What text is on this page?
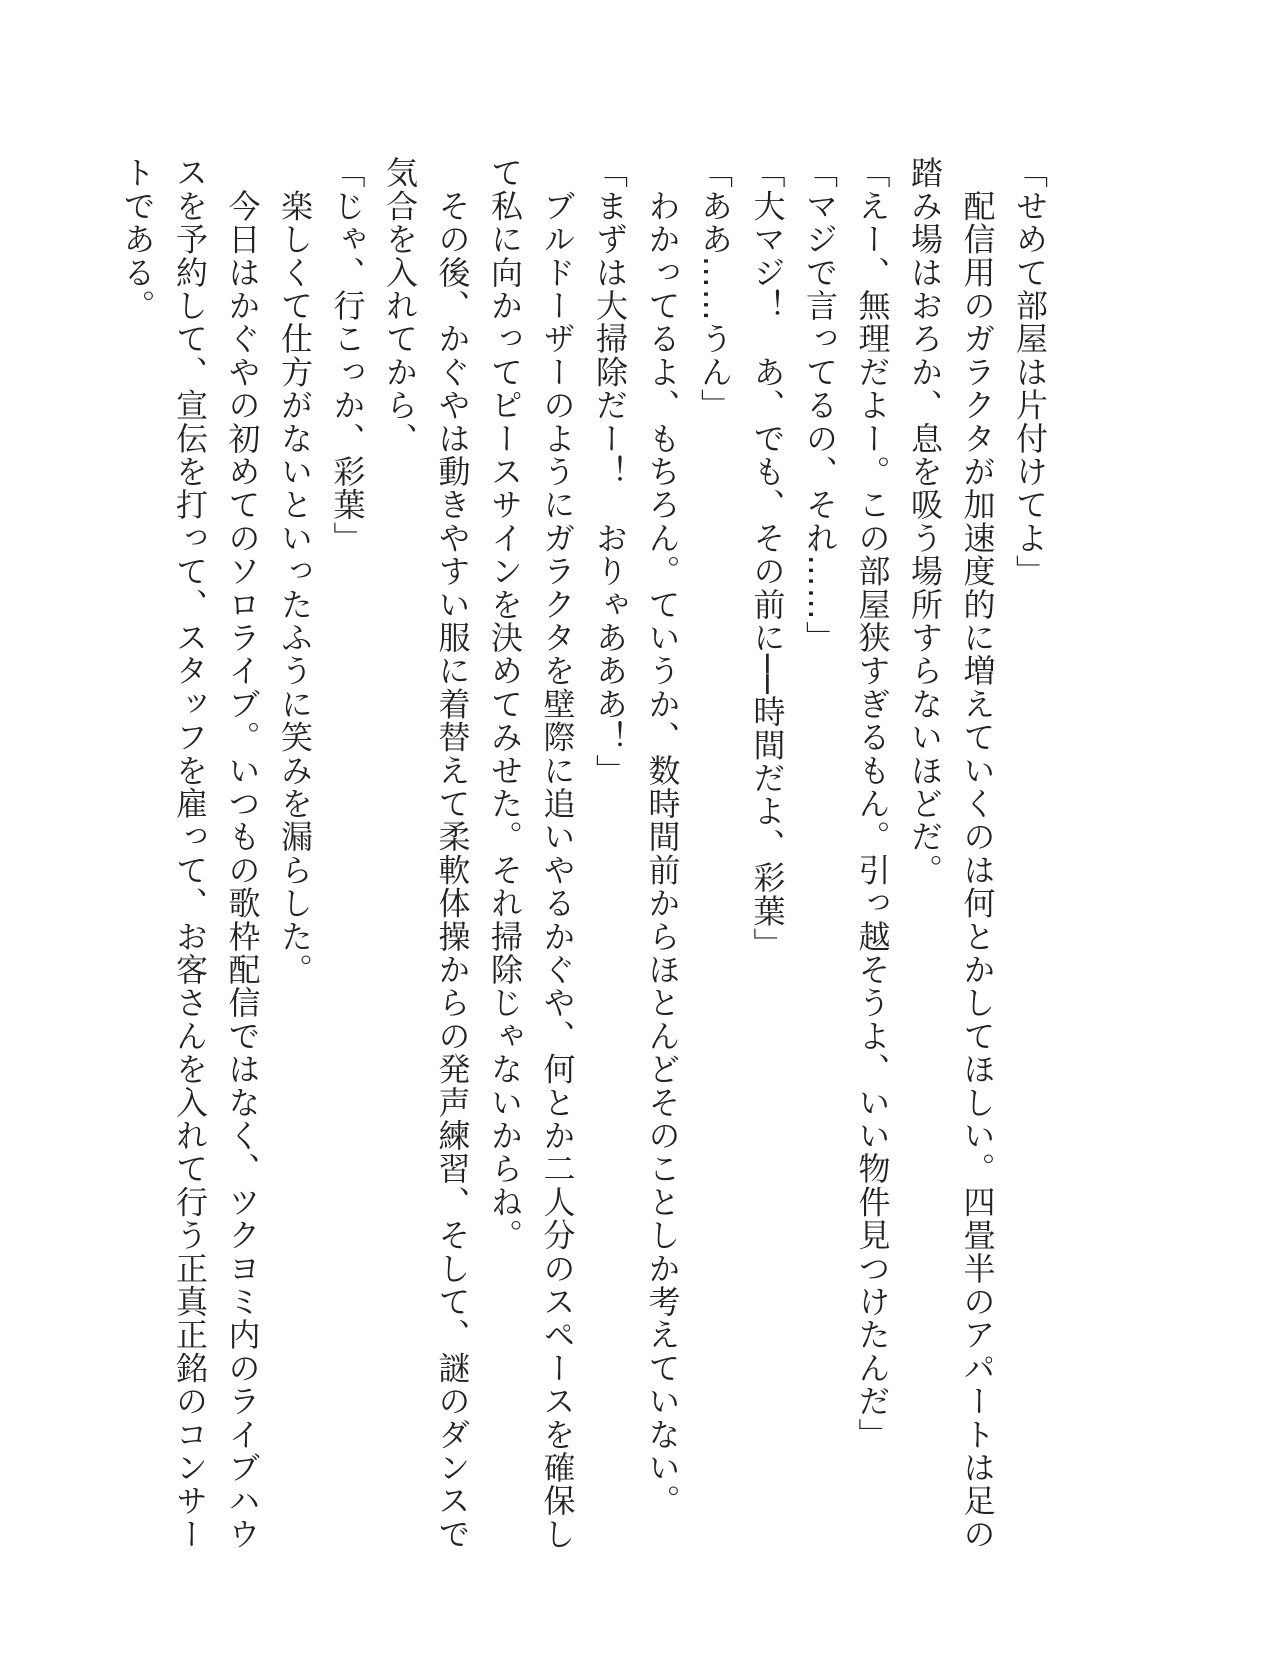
「せめて部屋は片付けてよ」

　配信用のガラクタが加速度的に増えていくのは何とかしてほしい。四畳半のアパートは足の踏み場はおろか、息を吸う場所すらないほどだ。

「えー、無理だよー。この部屋狭すぎるもん。引っ越そうよ、いい物件見つけたんだ」

「マジで言ってるの、それ……」

「大マジ！　あ、でも、その前に──時間だよ、彩葉」

「ああ……うん」

　わかってるよ、もちろん。ていうか、数時間前からほとんどそのことしか考えていない。

「まずは大掃除だー！　おりゃあああ！」

　ブルドーザーのようにガラクタを壁際に追いやるかぐや、何とか二人分のスペースを確保して私に向かってピースサインを決めてみせた。それ掃除じゃないからね。

　その後、かぐやは動きやすい服に着替えて柔軟体操からの発声練習、そして、謎のダンスで気合を入れてから、

「じゃ、行こっか、彩葉」

　楽しくて仕方がないといったふうに笑みを漏らした。

　今日はかぐやの初めてのソロライブ。いつもの歌枠配信ではなく、ツクヨミ内のライブハウスを予約して、宣伝を打って、スタッフを雇って、お客さんを入れて行う正真正銘のコンサートである。
